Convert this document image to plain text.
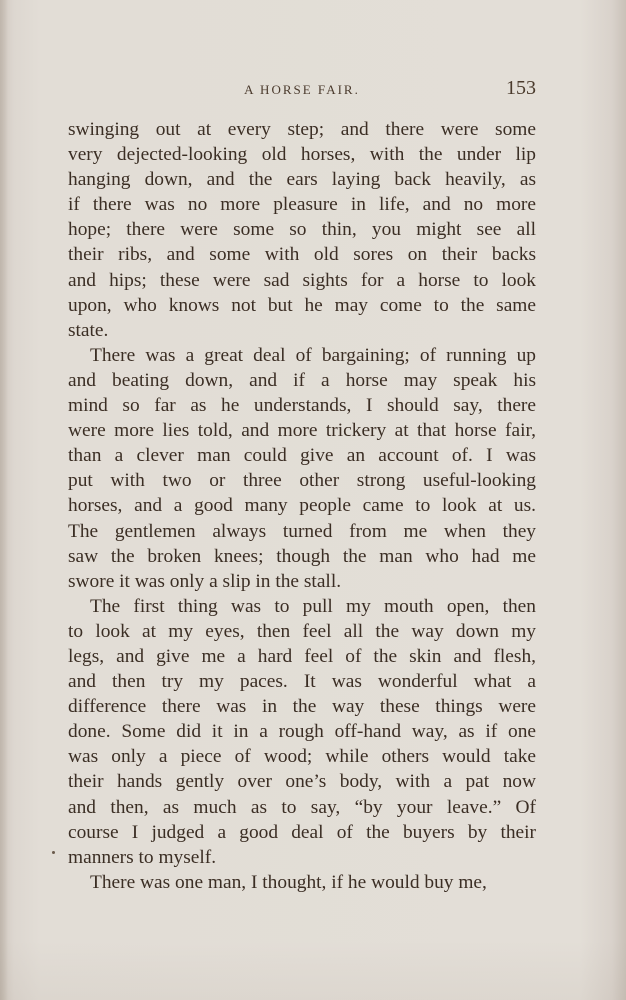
A HORSE FAIR.	153
swinging out at every step; and there were some
very dejected-looking old horses, with the under lip
hanging down, and the ears laying back heavily, as
if there was no more pleasure in life, and no more
hope; there were some so thin, you might see all
their ribs, and some with old sores on their backs
and hips; these were sad sights for a horse to look
upon, who knows not but he may come to the same
state.
There was a great deal of bargaining; of running up
and beating down, and if a horse may speak his
mind so far as he understands, I should say, there
were more lies told, and more trickery at that horse fair,
than a clever man could give an account of. I was
put with two or three other strong useful-looking
horses, and a good many people came to look at us.
The gentlemen always turned from me when they
saw the broken knees; though the man who had me
swore it was only a slip in the stall.
The first thing was to pull my mouth open, then
to look at my eyes, then feel all the way down my
legs, and give me a hard feel of the skin and flesh,
and then try my paces. It was wonderful what a
difference there was in the way these things were
done. Some did it in a rough off-hand way, as if one
was only a piece of wood; while others would take
their hands gently over one’s body, with a pat now
and then, as much as to say, “by your leave.” Of
course I judged a good deal of the buyers by their
manners to myself.
There was one man, I thought, if he would buy me,
